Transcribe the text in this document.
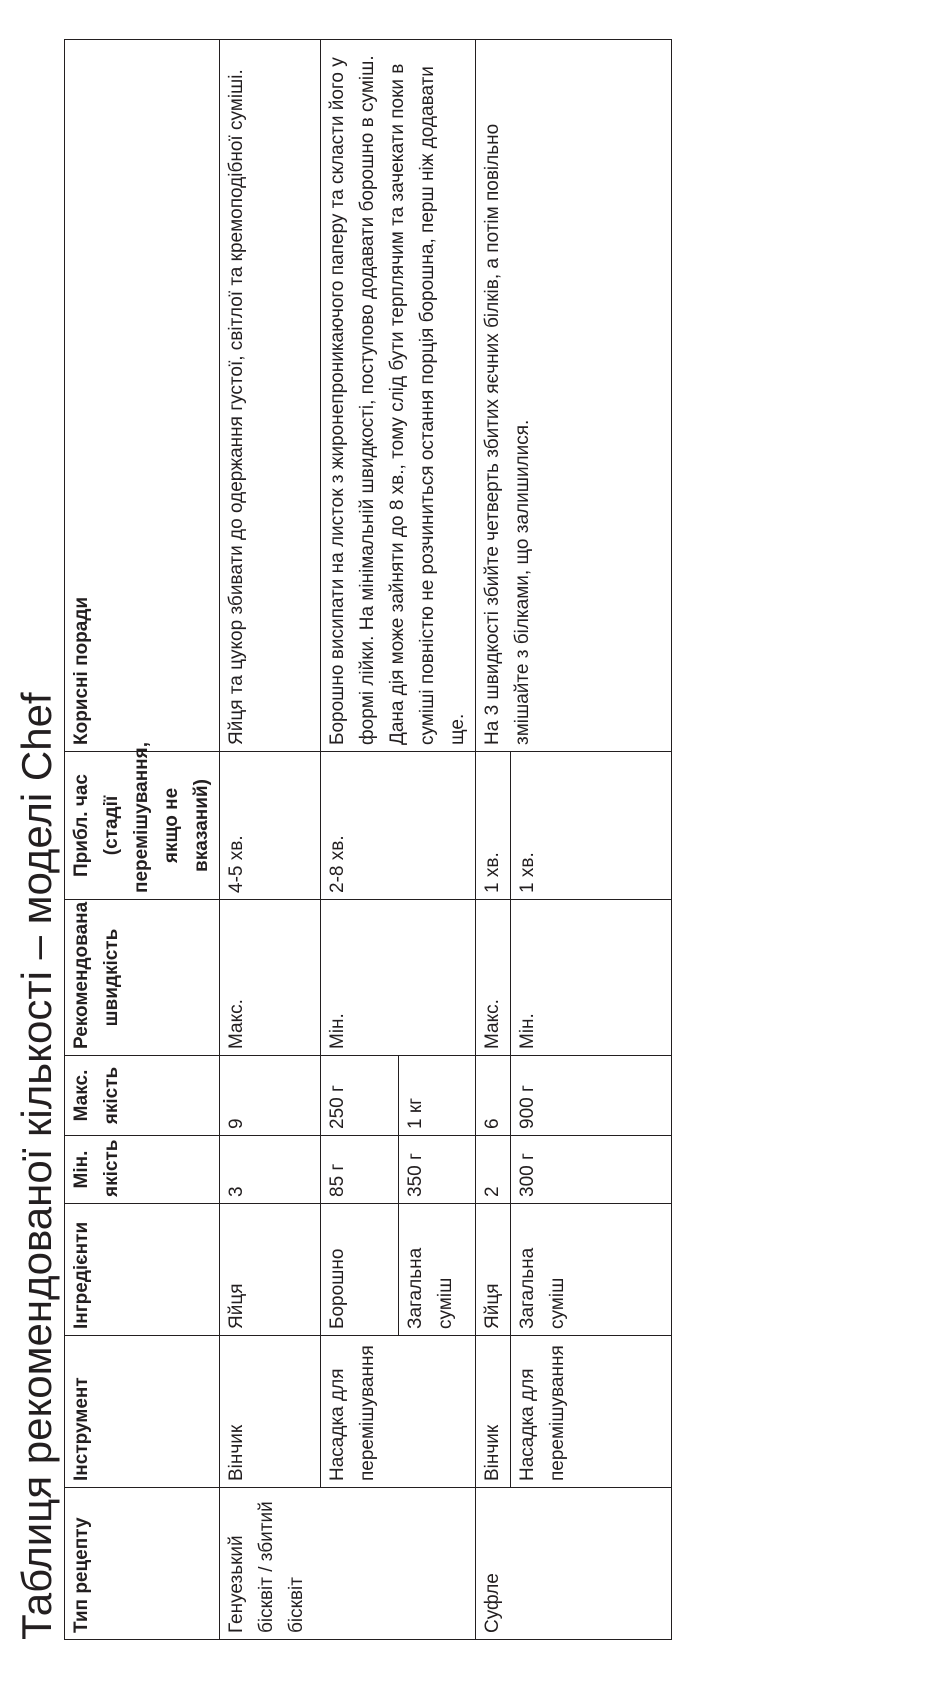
Таблиця рекомендованої кількості – моделі Chef Тип рецепту	Інструмент	Інгредієнти	Мін. якість	Макс. якість	Рекомендована швидкість	Прибл. час (стадії перемішування, якщо не вказаний)	Корисні поради
Генуезький бісквіт / збитий бісквіт	Вінчик	Яйця	3	9	Макс.	4-5 хв.	Яйця та цукор збивати до одержання густої, світлої та кремоподібної суміші.
	Насадка для перемішування	Борошно	85 г	250 г	Мін.	2-8 хв.	Борошно висипати на листок з жиронепроникаючого паперу та скласти його у формі лійки. На мінімальній швидкості, поступово додавати борошно в суміш. Дана дія може зайняти до 8 хв., тому слід бути терплячим та зачекати поки в суміші повністю не розчиниться остання порція борошна, перш ніж додавати ще.
		Загальна суміш	350 г	1 кг			
Суфле	Вінчик	Яйця	2	6	Макс.	1 хв.	На 3 швидкості збийте четверть збитих яєчних білків, а потім повільно змішайте з білками, що залишилися.
	Насадка для перемішування	Загальна суміш	300 г	900 г	Мін.	1 хв.	
